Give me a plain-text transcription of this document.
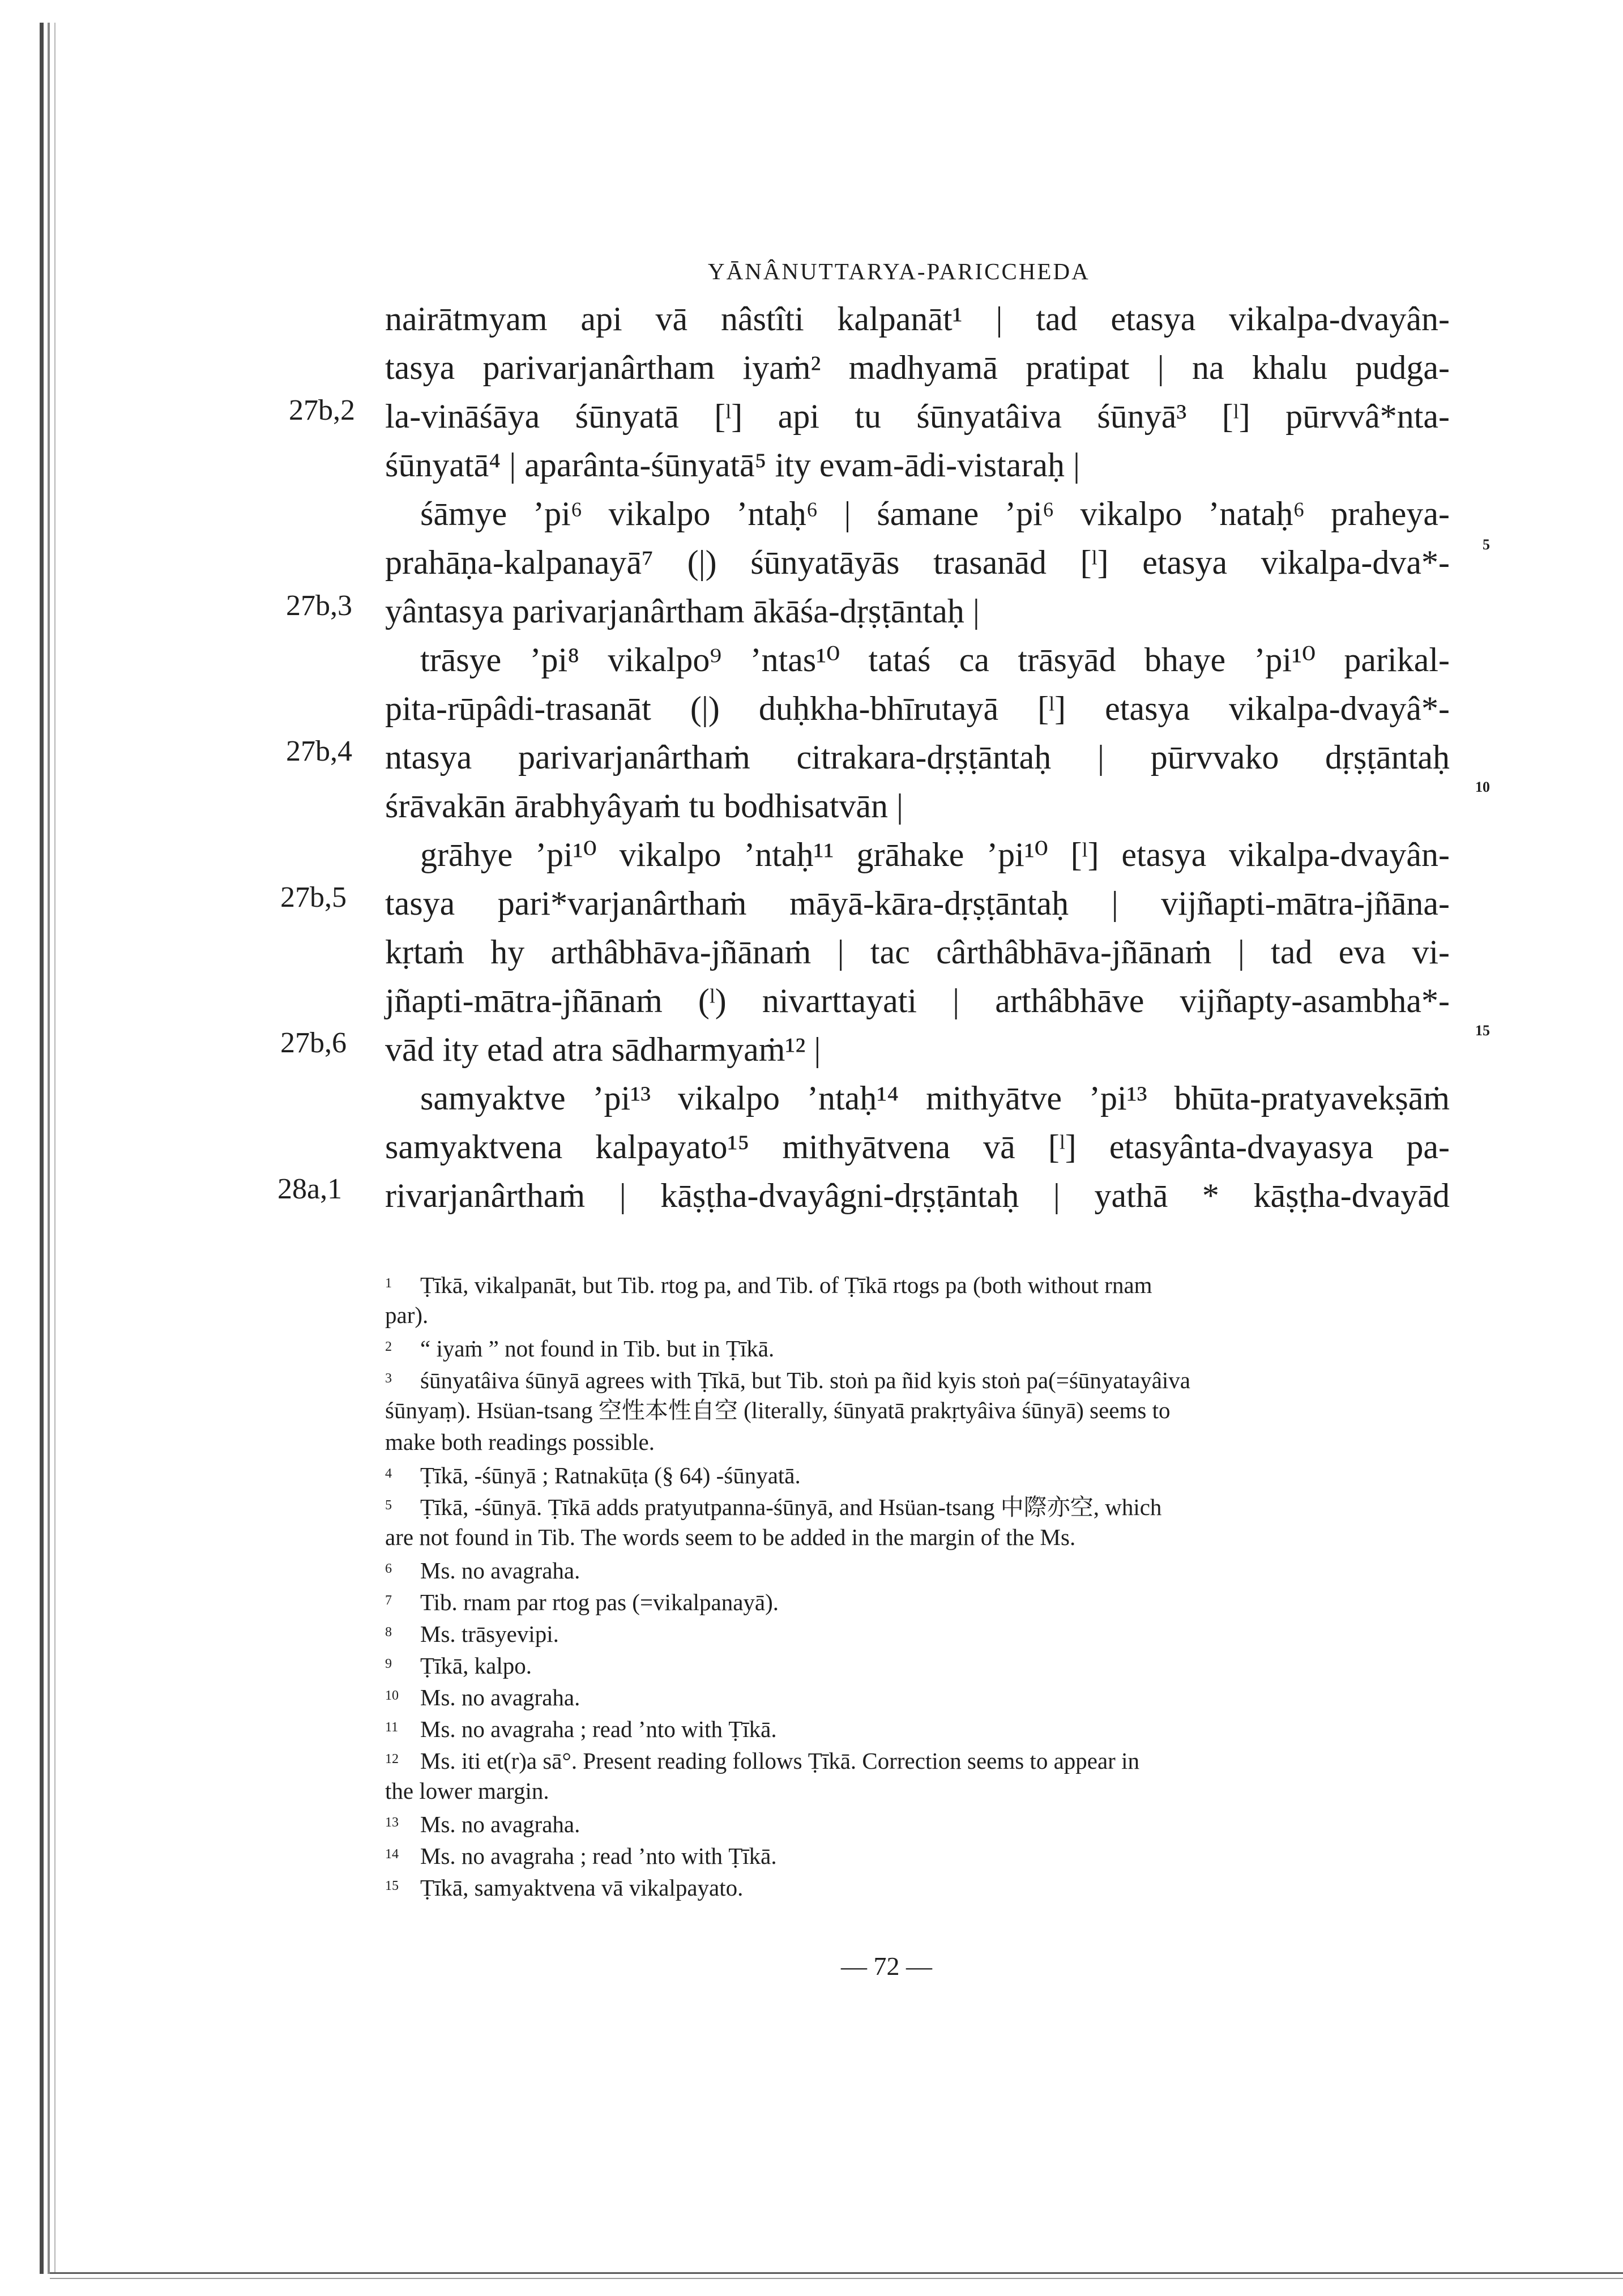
YĀNÂNUTTARYA-PARICCHEDA
nairātmyam api vā nâstîti kalpanāt¹ | tad etasya vikalpa-dvayân-
tasya parivarjanârtham iyaṁ² madhyamā pratipat | na khalu pudga-
la-vināśāya śūnyatā [ˡ] api tu śūnyatâiva śūnyā³ [ˡ] pūrvvâ*nta-
śūnyatā⁴ | aparânta-śūnyatā⁵ ity evam-ādi-vistaraḥ |
śāmye ’pi⁶ vikalpo ’ntaḥ⁶ | śamane ’pi⁶ vikalpo ’nataḥ⁶ praheya-
prahāṇa-kalpanayā⁷ (|) śūnyatāyās trasanād [ˡ] etasya vikalpa-dva*-
yântasya parivarjanârtham ākāśa-dṛṣṭāntaḥ |
trāsye ’pi⁸ vikalpo⁹ ’ntas¹⁰ tataś ca trāsyād bhaye ’pi¹⁰ parikal-
pita-rūpâdi-trasanāt (|) duḥkha-bhīrutayā [ˡ] etasya vikalpa-dvayâ*-
ntasya parivarjanârthaṁ citrakara-dṛṣṭāntaḥ | pūrvvako dṛṣṭāntaḥ
śrāvakān ārabhyâyaṁ tu bodhisatvān |
grāhye ’pi¹⁰ vikalpo ’ntaḥ¹¹ grāhake ’pi¹⁰ [ˡ] etasya vikalpa-dvayân-
tasya pari*varjanârthaṁ māyā-kāra-dṛṣṭāntaḥ | vijñapti-mātra-jñāna-
kṛtaṁ hy arthâbhāva-jñānaṁ | tac cârthâbhāva-jñānaṁ | tad eva vi-
jñapti-mātra-jñānaṁ (ˡ) nivarttayati | arthâbhāve vijñapty-asambha*-
vād ity etad atra sādharmyaṁ¹² |
samyaktve ’pi¹³ vikalpo ’ntaḥ¹⁴ mithyātve ’pi¹³ bhūta-pratyavekṣāṁ
samyaktvena kalpayato¹⁵ mithyātvena vā [ˡ] etasyânta-dvayasya pa-
rivarjanârthaṁ | kāṣṭha-dvayâgni-dṛṣṭāntaḥ | yathā * kāṣṭha-dvayād
27b,2
27b,3
27b,4
27b,5
27b,6
28a,1
5
10
15
1 Ṭīkā, vikalpanāt, but Tib. rtog pa, and Tib. of Ṭīkā rtogs pa (both without rnam
par).
2 “ iyaṁ ” not found in Tib. but in Ṭīkā.
3 śūnyatâiva śūnyā agrees with Ṭīkā, but Tib. stoṅ pa ñid kyis stoṅ pa(=śūnyatayâiva
śūnyaṃ). Hsüan-tsang 空性本性自空 (literally, śūnyatā prakṛtyâiva śūnyā) seems to
make both readings possible.
4 Ṭīkā, -śūnyā ; Ratnakūṭa (§ 64) -śūnyatā.
5 Ṭīkā, -śūnyā. Ṭīkā adds pratyutpanna-śūnyā, and Hsüan-tsang 中際亦空, which
are not found in Tib. The words seem to be added in the margin of the Ms.
6 Ms. no avagraha.
7 Tib. rnam par rtog pas (=vikalpanayā).
8 Ms. trāsyevipi.
9 Ṭīkā, kalpo.
10 Ms. no avagraha.
11 Ms. no avagraha ; read ’nto with Ṭīkā.
12 Ms. iti et(r)a sā°. Present reading follows Ṭīkā. Correction seems to appear in
the lower margin.
13 Ms. no avagraha.
14 Ms. no avagraha ; read ’nto with Ṭīkā.
15 Ṭīkā, samyaktvena vā vikalpayato.
— 72 —
